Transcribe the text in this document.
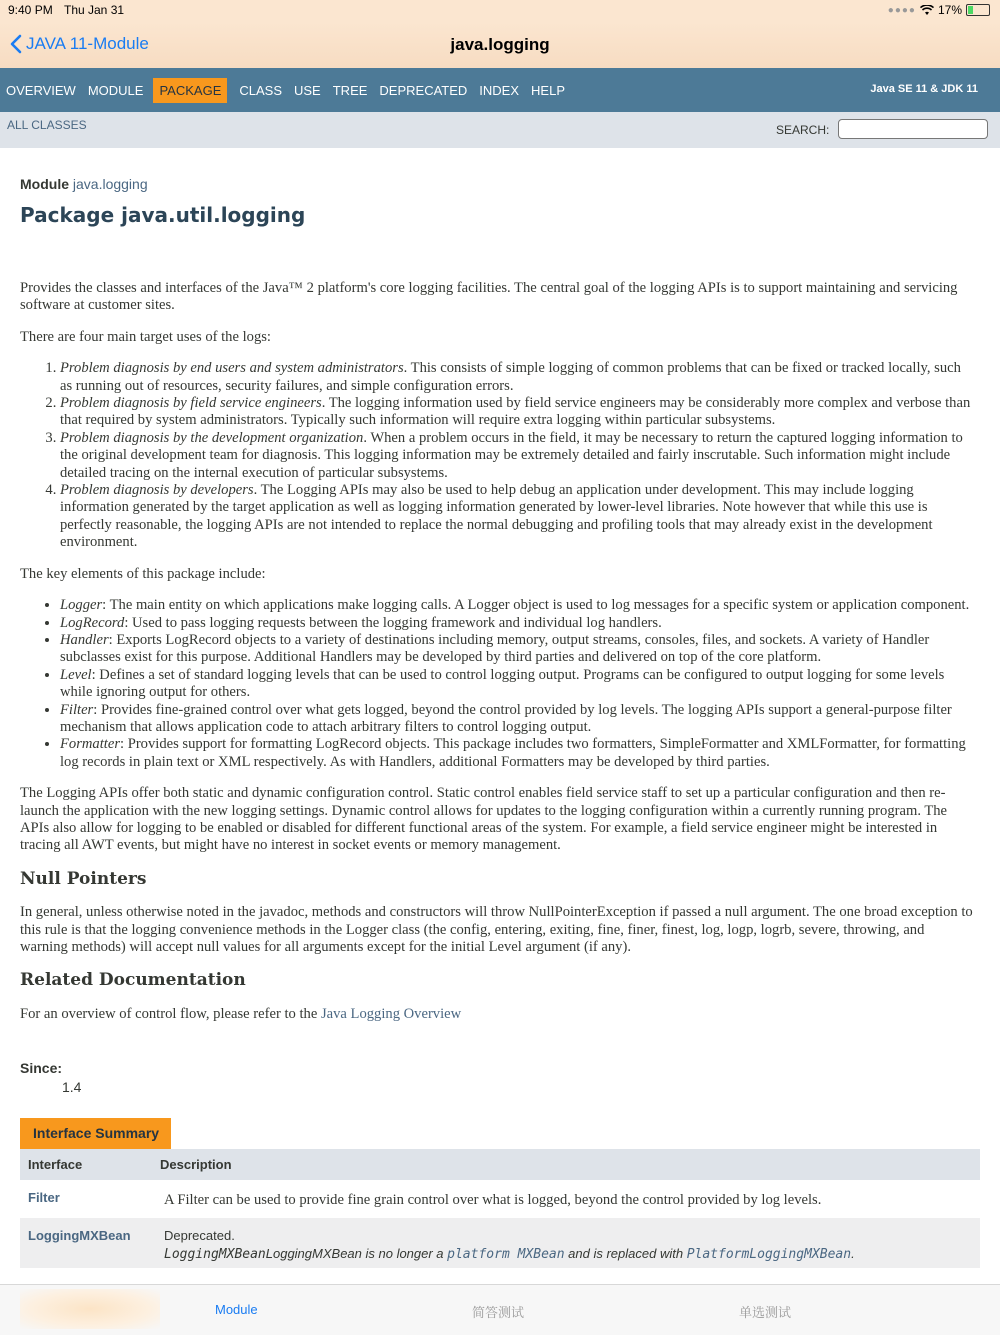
9:40 PM Thu Jan 31	●●●● 17%
JAVA 11-Module	java.logging
OVERVIEW MODULE	PACKAGE	CLASS USE TREE DEPRECATED INDEX HELP	Java SE 11 & JDK 11
ALL CLASSES	SEARCH:
Module java.logging
Package java.util.logging

Provides the classes and interfaces of the Java™ 2 platform's core logging facilities. The central goal of the logging APIs is to support maintaining and servicing software at customer sites.

There are four main target uses of the logs:

1. Problem diagnosis by end users and system administrators. This consists of simple logging of common problems that can be fixed or tracked locally, such as running out of resources, security failures, and simple configuration errors.
2. Problem diagnosis by field service engineers. The logging information used by field service engineers may be considerably more complex and verbose than that required by system administrators. Typically such information will require extra logging within particular subsystems.
3. Problem diagnosis by the development organization. When a problem occurs in the field, it may be necessary to return the captured logging information to the original development team for diagnosis. This logging information may be extremely detailed and fairly inscrutable. Such information might include detailed tracing on the internal execution of particular subsystems.
4. Problem diagnosis by developers. The Logging APIs may also be used to help debug an application under development. This may include logging information generated by the target application as well as logging information generated by lower-level libraries. Note however that while this use is perfectly reasonable, the logging APIs are not intended to replace the normal debugging and profiling tools that may already exist in the development environment.

The key elements of this package include:

• Logger: The main entity on which applications make logging calls. A Logger object is used to log messages for a specific system or application component.
• LogRecord: Used to pass logging requests between the logging framework and individual log handlers.
• Handler: Exports LogRecord objects to a variety of destinations including memory, output streams, consoles, files, and sockets. A variety of Handler subclasses exist for this purpose. Additional Handlers may be developed by third parties and delivered on top of the core platform.
• Level: Defines a set of standard logging levels that can be used to control logging output. Programs can be configured to output logging for some levels while ignoring output for others.
• Filter: Provides fine-grained control over what gets logged, beyond the control provided by log levels. The logging APIs support a general-purpose filter mechanism that allows application code to attach arbitrary filters to control logging output.
• Formatter: Provides support for formatting LogRecord objects. This package includes two formatters, SimpleFormatter and XMLFormatter, for formatting log records in plain text or XML respectively. As with Handlers, additional Formatters may be developed by third parties.

The Logging APIs offer both static and dynamic configuration control. Static control enables field service staff to set up a particular configuration and then re-launch the application with the new logging settings. Dynamic control allows for updates to the logging configuration within a currently running program. The APIs also allow for logging to be enabled or disabled for different functional areas of the system. For example, a field service engineer might be interested in tracing all AWT events, but might have no interest in socket events or memory management.

Null Pointers

In general, unless otherwise noted in the javadoc, methods and constructors will throw NullPointerException if passed a null argument. The one broad exception to this rule is that the logging convenience methods in the Logger class (the config, entering, exiting, fine, finer, finest, log, logp, logrb, severe, throwing, and warning methods) will accept null values for all arguments except for the initial Level argument (if any).

Related Documentation

For an overview of control flow, please refer to the Java Logging Overview

Since:
1.4
Interface Summary
Interface	Description
Filter	A Filter can be used to provide fine grain control over what is logged, beyond the control provided by log levels.
LoggingMXBean	Deprecated.
LoggingMXBeanLoggingMXBean is no longer a platform MXBean and is replaced with PlatformLoggingMXBean.
Module	简答测试	单选测试
